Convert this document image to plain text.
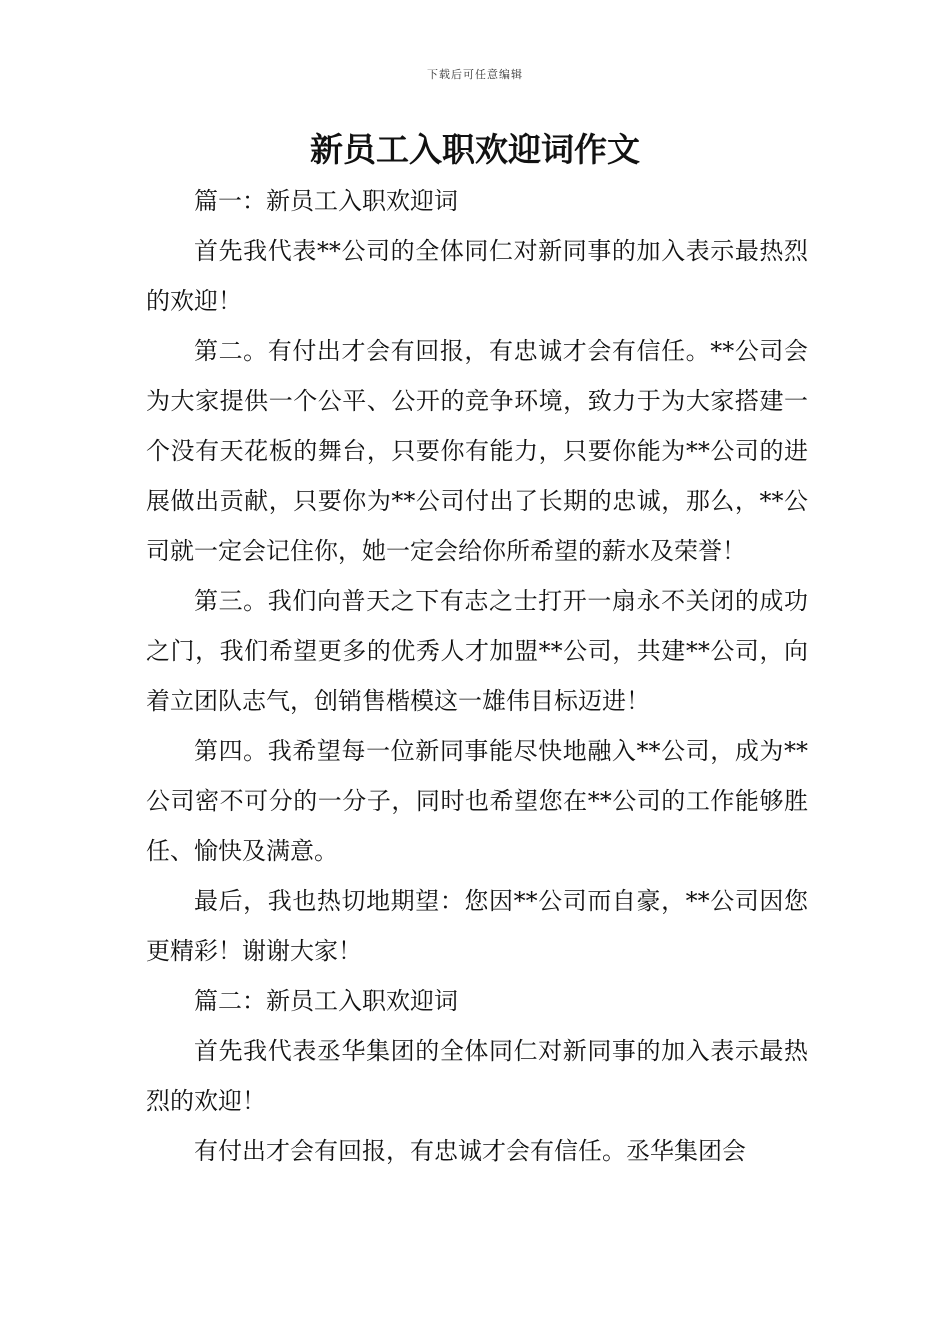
下载后可任意编辑
新员工入职欢迎词作文

篇一：新员工入职欢迎词

首先我代表**公司的全体同仁对新同事的加入表示最热烈的欢迎！

第二。有付出才会有回报，有忠诚才会有信任。**公司会为大家提供一个公平、公开的竞争环境，致力于为大家搭建一个没有天花板的舞台，只要你有能力，只要你能为**公司的进展做出贡献，只要你为**公司付出了长期的忠诚，那么，**公司就一定会记住你，她一定会给你所希望的薪水及荣誉！

第三。我们向普天之下有志之士打开一扇永不关闭的成功之门，我们希望更多的优秀人才加盟**公司，共建**公司，向着立团队志气，创销售楷模这一雄伟目标迈进！

第四。我希望每一位新同事能尽快地融入**公司，成为**公司密不可分的一分子，同时也希望您在**公司的工作能够胜任、愉快及满意。

最后，我也热切地期望：您因**公司而自豪，**公司因您更精彩！谢谢大家！

篇二：新员工入职欢迎词

首先我代表丞华集团的全体同仁对新同事的加入表示最热烈的欢迎！

有付出才会有回报，有忠诚才会有信任。丞华集团会
